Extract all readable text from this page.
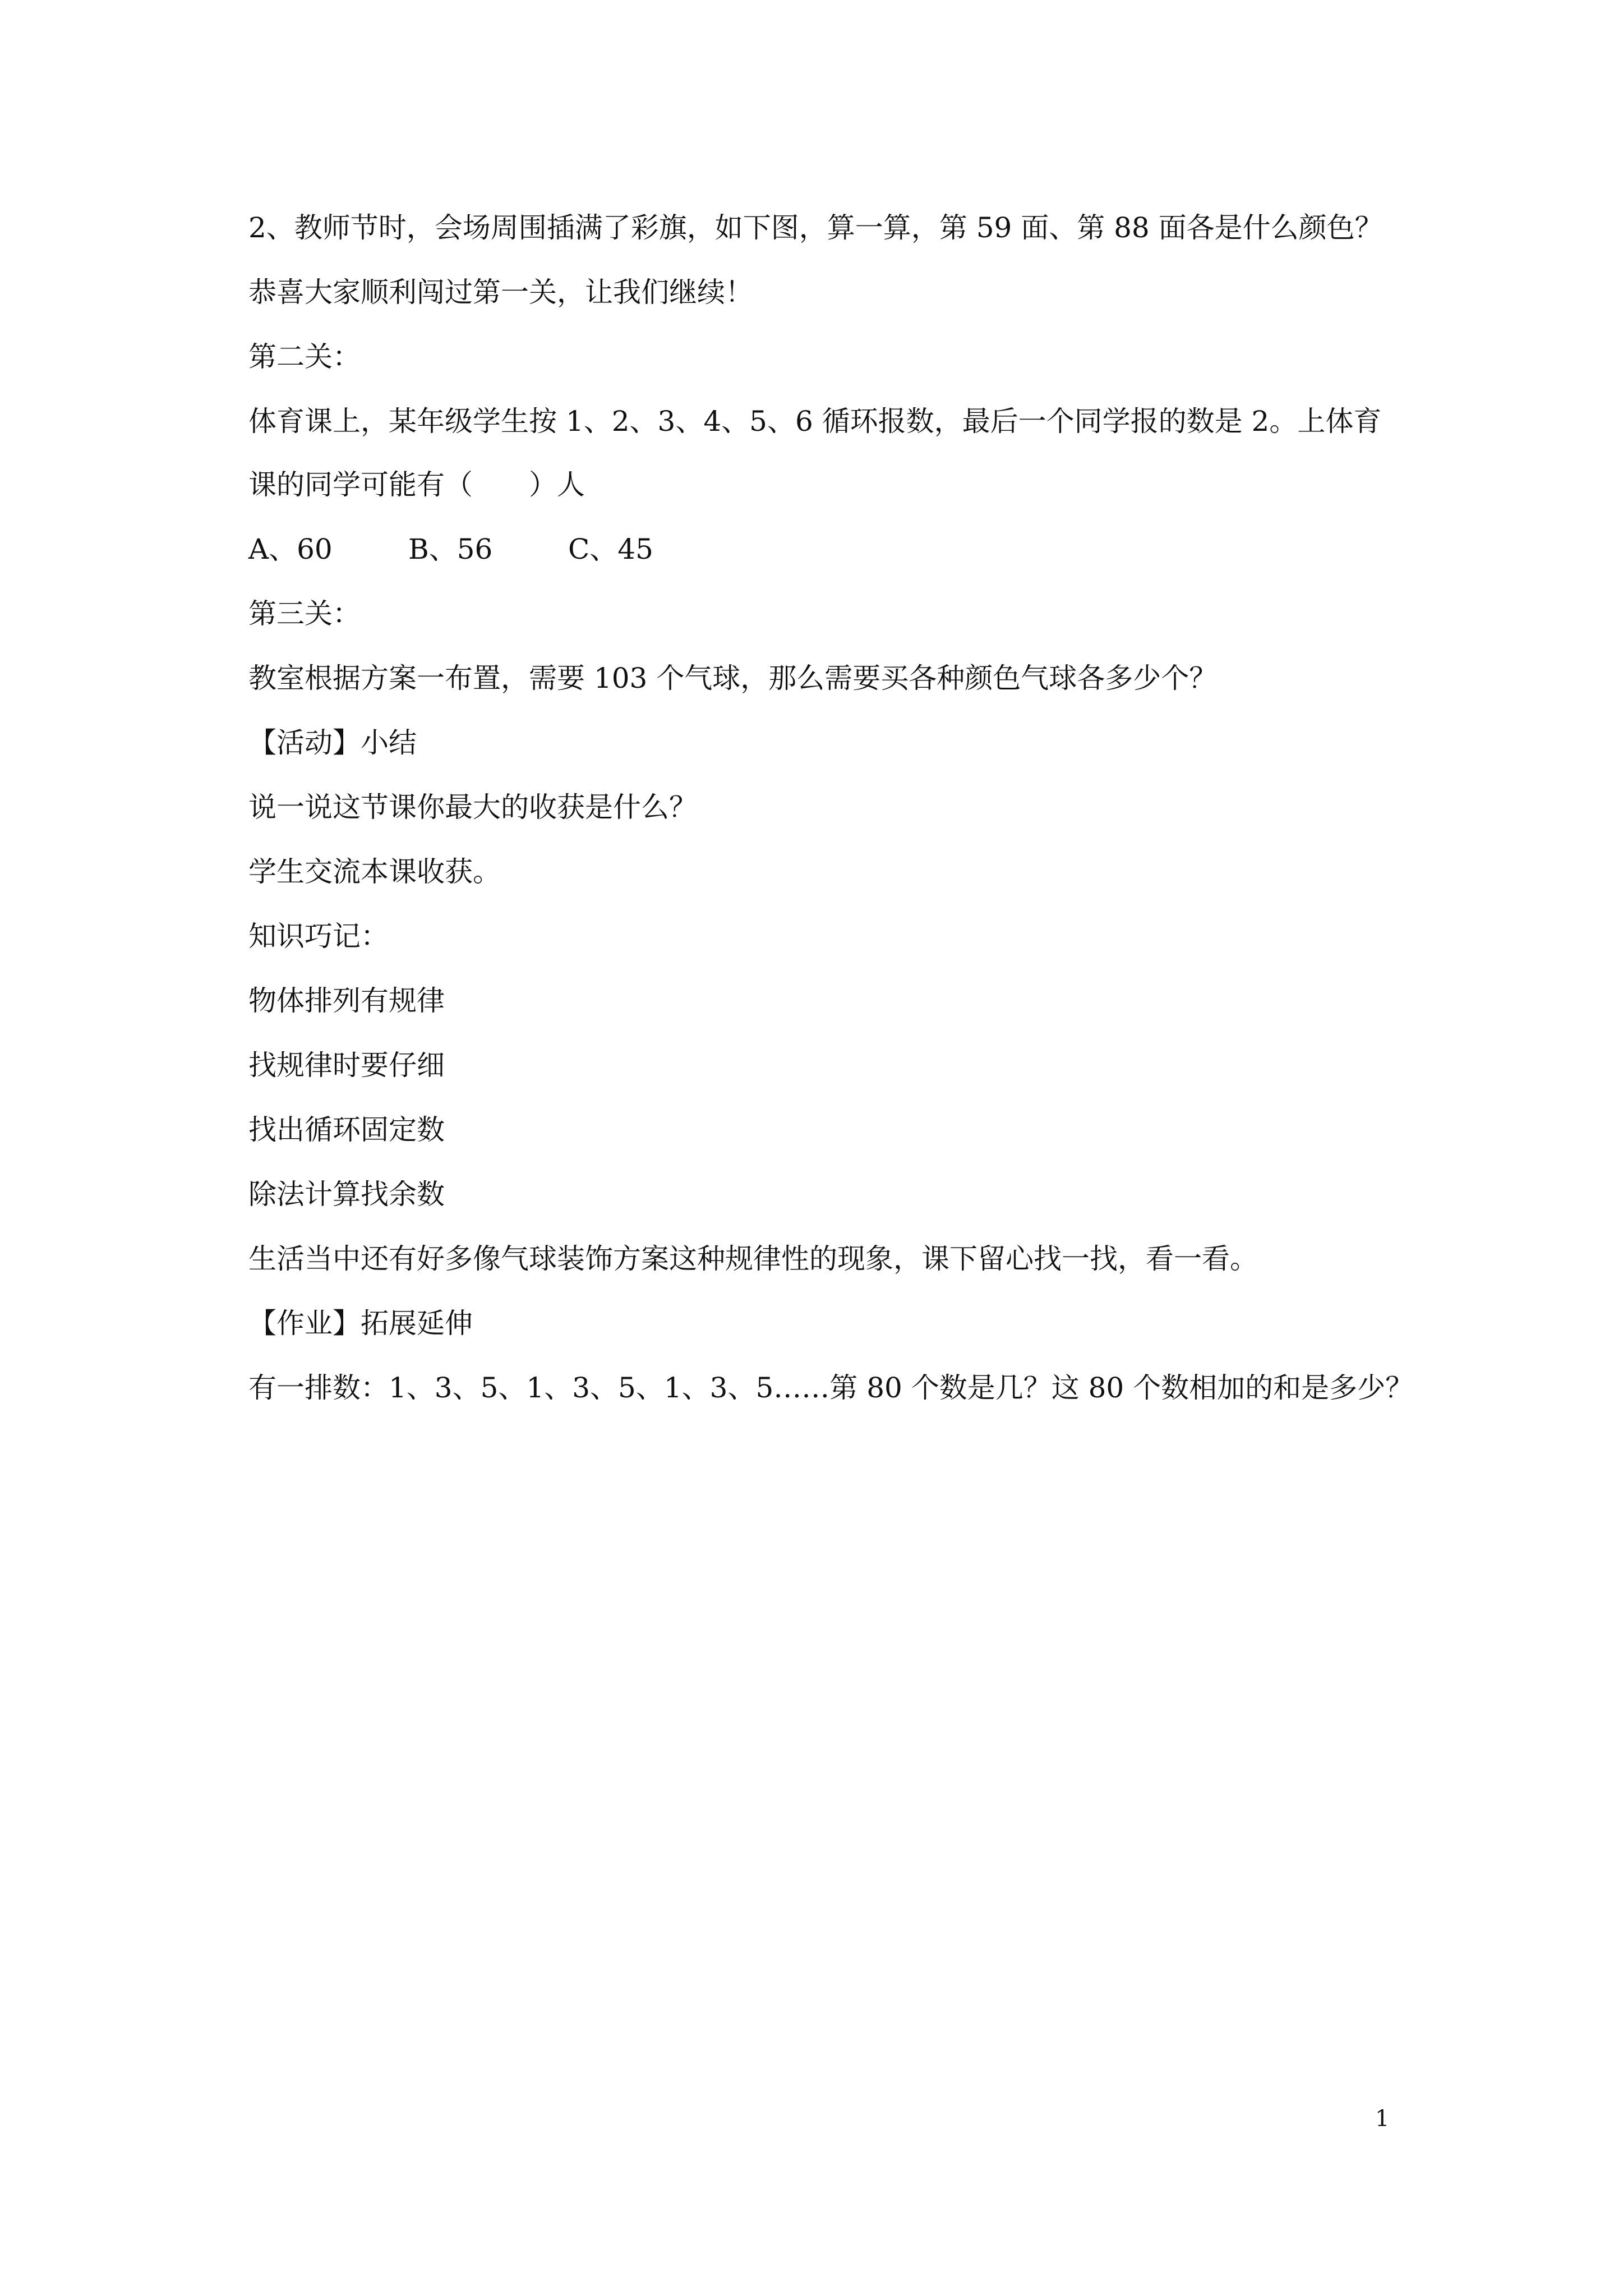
2、教师节时，会场周围插满了彩旗，如下图，算一算，第 59 面、第 88 面各是什么颜色？
恭喜大家顺利闯过第一关，让我们继续！
第二关：
体育课上，某年级学生按 1、2、3、4、5、6 循环报数，最后一个同学报的数是 2。上体育
课的同学可能有（　　）人
A、60	B、56	C、45
第三关：
教室根据方案一布置，需要 103 个气球，那么需要买各种颜色气球各多少个？
【活动】小结
说一说这节课你最大的收获是什么？
学生交流本课收获。
知识巧记：
物体排列有规律
找规律时要仔细
找出循环固定数
除法计算找余数
生活当中还有好多像气球装饰方案这种规律性的现象，课下留心找一找，看一看。
【作业】拓展延伸
有一排数：1、3、5、1、3、5、1、3、5……第 80 个数是几？这 80 个数相加的和是多少？
1
